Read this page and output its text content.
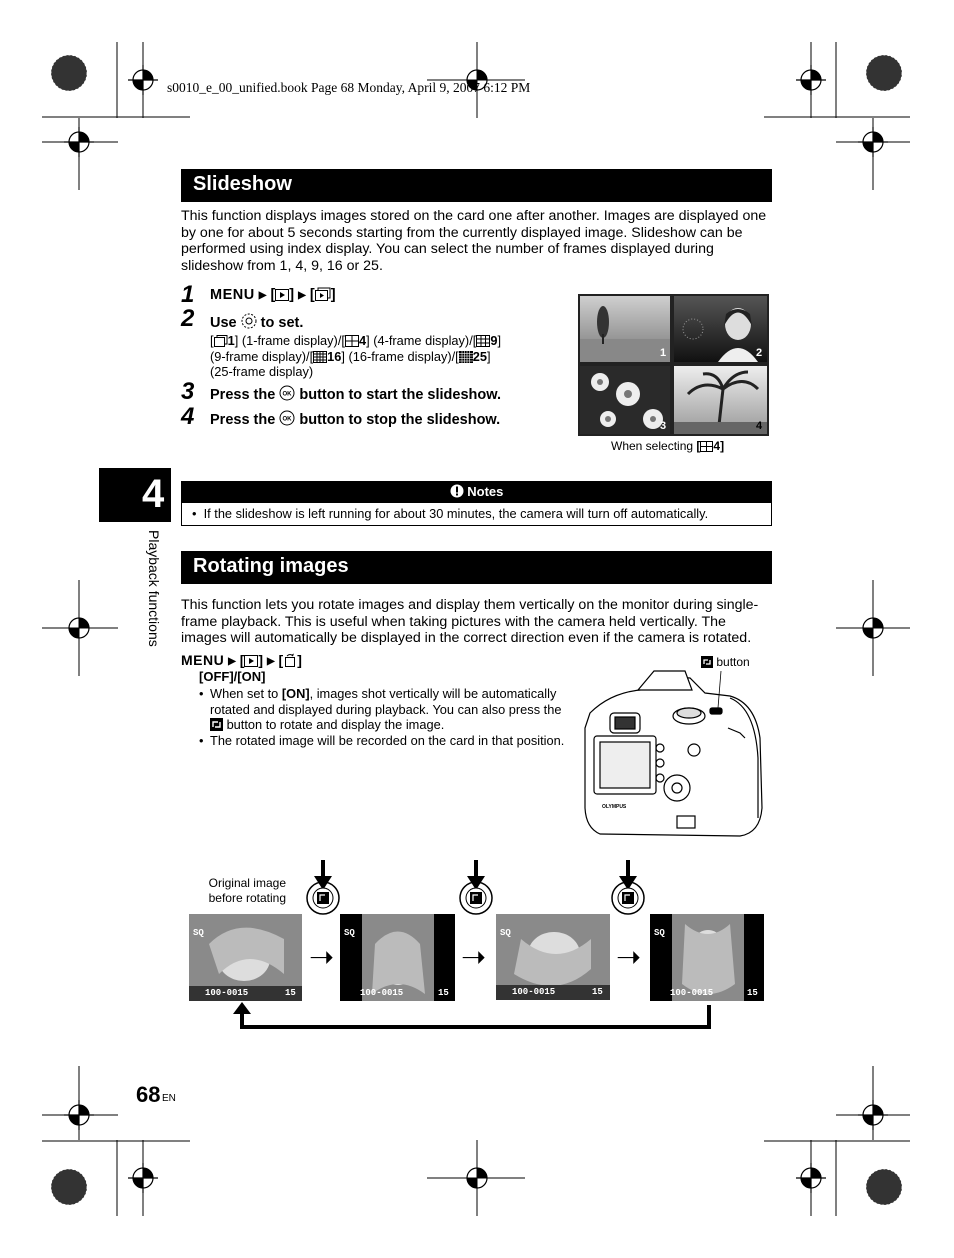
s0010_e_00_unified.book Page 68 Monday, April 9, 2007 6:12 PM
4
Playback functions
Slideshow
This function displays images stored on the card one after another. Images are displayed one by one for about 5 seconds starting from the currently displayed image. Slideshow can be performed using index display. You can select the number of frames displayed during slideshow from 1, 4, 9, 16 or 25.
1 MENU ▶ [ ] ▶ [ ]
2 Use to set.
[ 1] (1-frame display)/[ 4] (4-frame display)/[ 9]
(9-frame display)/[ 16] (16-frame display)/[ 25]
(25-frame display)
3 Press the OK button to start the slideshow.
4 Press the OK button to stop the slideshow.
1	2
3	4
When selecting [ 4]
Notes
•  If the slideshow is left running for about 30 minutes, the camera will turn off automatically.
Rotating images
This function lets you rotate images and display them vertically on the monitor during single-frame playback. This is useful when taking pictures with the camera held vertically. The images will automatically be displayed in the correct direction even if the camera is rotated.
MENU ▶ [ ] ▶ [ ]
[OFF]/[ON]
• When set to [ON], images shot vertically will be automatically rotated and displayed during playback. You can also press the  button to rotate and display the image.
• The rotated image will be recorded on the card in that position.
button
OLYMPUS
Original image
before rotating
SQ
100-0015	15
➝
SQ
100-0015	15
➝
SQ
100-0015	15
➝
SQ
100-0015	15
68 EN
